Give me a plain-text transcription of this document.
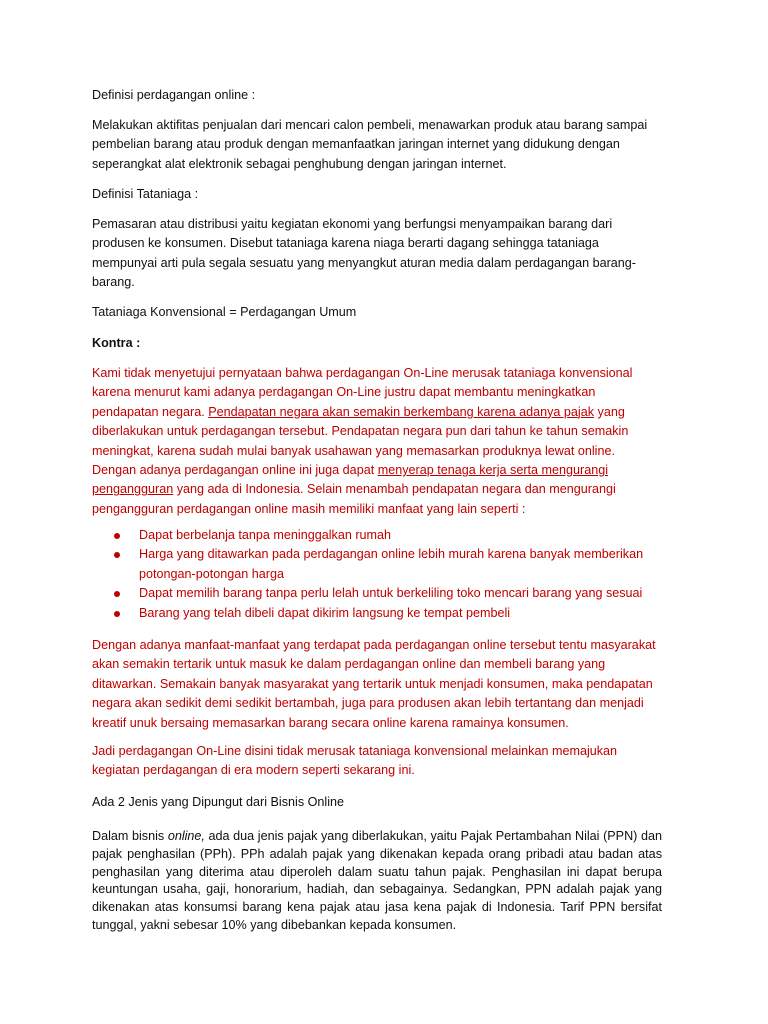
Definisi perdagangan online :

Melakukan aktifitas penjualan dari mencari calon pembeli, menawarkan produk atau barang sampai pembelian barang atau produk dengan memanfaatkan jaringan internet yang didukung dengan seperangkat alat elektronik sebagai penghubung dengan jaringan internet.

Definisi Tataniaga :

Pemasaran atau distribusi yaitu kegiatan ekonomi yang berfungsi menyampaikan barang dari produsen ke konsumen. Disebut tataniaga karena niaga berarti dagang sehingga tataniaga mempunyai arti pula segala sesuatu yang menyangkut aturan media dalam perdagangan barang-barang.

Tataniaga Konvensional = Perdagangan Umum

Kontra :

Kami tidak menyetujui pernyataan bahwa perdagangan On-Line merusak tataniaga konvensional karena menurut kami adanya perdagangan On-Line justru dapat membantu meningkatkan pendapatan negara. Pendapatan negara akan semakin berkembang karena adanya pajak yang diberlakukan untuk perdagangan tersebut. Pendapatan negara pun dari tahun ke tahun semakin meningkat, karena sudah mulai banyak usahawan yang memasarkan produknya lewat online. Dengan adanya perdagangan online ini juga dapat menyerap tenaga kerja serta mengurangi pengangguran yang ada di Indonesia. Selain menambah pendapatan negara dan mengurangi pengangguran perdagangan online masih memiliki manfaat yang lain seperti :

Dapat berbelanja tanpa meninggalkan rumah
Harga yang ditawarkan pada perdagangan online lebih murah karena banyak memberikan potongan-potongan harga
Dapat memilih barang tanpa perlu lelah untuk berkeliling toko mencari barang yang sesuai
Barang yang telah dibeli dapat dikirim langsung ke tempat pembeli

Dengan adanya manfaat-manfaat yang terdapat pada perdagangan online tersebut tentu masyarakat akan semakin tertarik untuk masuk ke dalam perdagangan online dan membeli barang yang ditawarkan. Semakain banyak masyarakat yang tertarik untuk menjadi konsumen, maka pendapatan negara akan sedikit demi sedikit bertambah, juga para produsen akan lebih tertantang dan menjadi kreatif unuk bersaing memasarkan barang secara online karena ramainya konsumen.

Jadi perdagangan On-Line disini tidak merusak tataniaga konvensional melainkan memajukan kegiatan perdagangan di era modern seperti sekarang ini.

Ada 2 Jenis yang Dipungut dari Bisnis Online

Dalam bisnis online, ada dua jenis pajak yang diberlakukan, yaitu Pajak Pertambahan Nilai (PPN) dan pajak penghasilan (PPh). PPh adalah pajak yang dikenakan kepada orang pribadi atau badan atas penghasilan yang diterima atau diperoleh dalam suatu tahun pajak. Penghasilan ini dapat berupa keuntungan usaha, gaji, honorarium, hadiah, dan sebagainya. Sedangkan, PPN adalah pajak yang dikenakan atas konsumsi barang kena pajak atau jasa kena pajak di Indonesia. Tarif PPN bersifat tunggal, yakni sebesar 10% yang dibebankan kepada konsumen.
